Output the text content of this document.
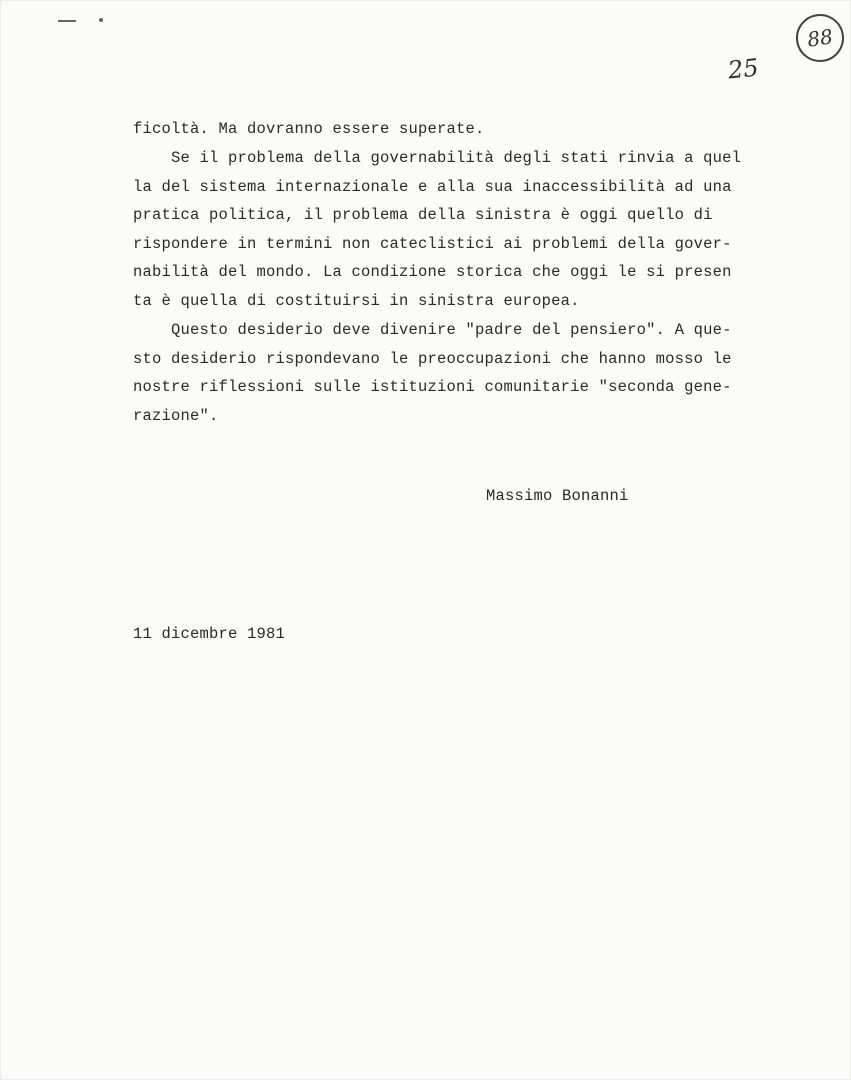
88
25
ficoltà. Ma dovranno essere superate.
Se il problema della governabilità degli stati rinvia a quel
la del sistema internazionale e alla sua inaccessibilità ad una
pratica politica, il problema della sinistra è oggi quello di
rispondere in termini non cateclistici ai problemi della gover-
nabilità del mondo. La condizione storica che oggi le si presen
ta è quella di costituirsi in sinistra europea.
Questo desiderio deve divenire "padre del pensiero". A que-
sto desiderio rispondevano le preoccupazioni che hanno mosso le
nostre riflessioni sulle istituzioni comunitarie "seconda gene-
razione".
Massimo Bonanni
11 dicembre 1981
